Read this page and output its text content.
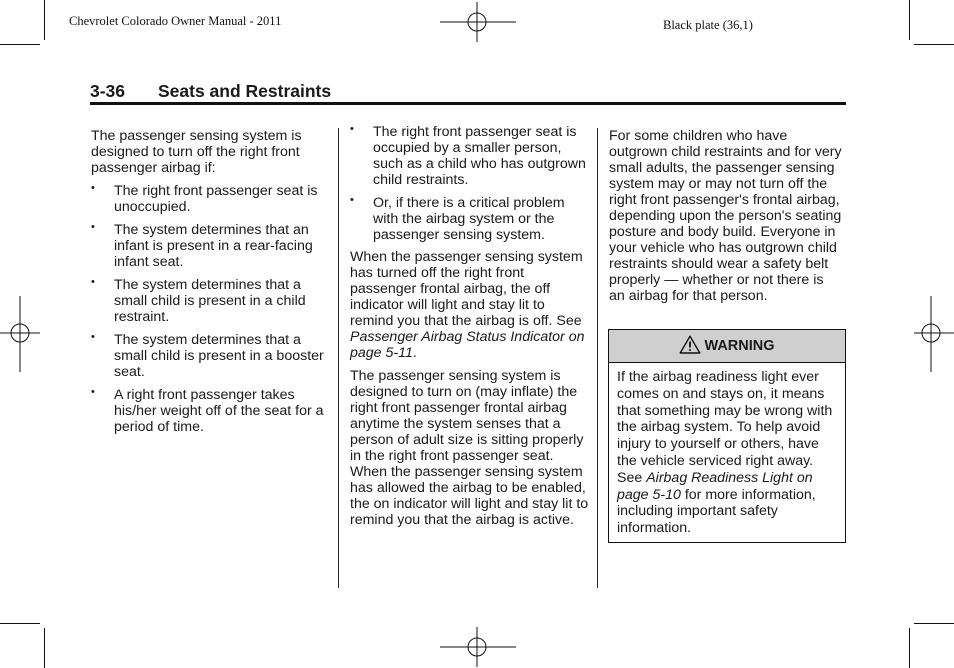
Chevrolet Colorado Owner Manual - 2011	Black plate (36,1)
3-36 Seats and Restraints

The passenger sensing system is designed to turn off the right front passenger airbag if:

• The right front passenger seat is unoccupied.
• The system determines that an infant is present in a rear-facing infant seat.
• The system determines that a small child is present in a child restraint.
• The system determines that a small child is present in a booster seat.
• A right front passenger takes his/her weight off of the seat for a period of time.
• The right front passenger seat is occupied by a smaller person, such as a child who has outgrown child restraints.
• Or, if there is a critical problem with the airbag system or the passenger sensing system.

When the passenger sensing system has turned off the right front passenger frontal airbag, the off indicator will light and stay lit to remind you that the airbag is off. See Passenger Airbag Status Indicator on page 5-11.

The passenger sensing system is designed to turn on (may inflate) the right front passenger frontal airbag anytime the system senses that a person of adult size is sitting properly in the right front passenger seat. When the passenger sensing system has allowed the airbag to be enabled, the on indicator will light and stay lit to remind you that the airbag is active.

For some children who have outgrown child restraints and for very small adults, the passenger sensing system may or may not turn off the right front passenger's frontal airbag, depending upon the person's seating posture and body build. Everyone in your vehicle who has outgrown child restraints should wear a safety belt properly — whether or not there is an airbag for that person.

WARNING
If the airbag readiness light ever comes on and stays on, it means that something may be wrong with the airbag system. To help avoid injury to yourself or others, have the vehicle serviced right away. See Airbag Readiness Light on page 5-10 for more information, including important safety information.
